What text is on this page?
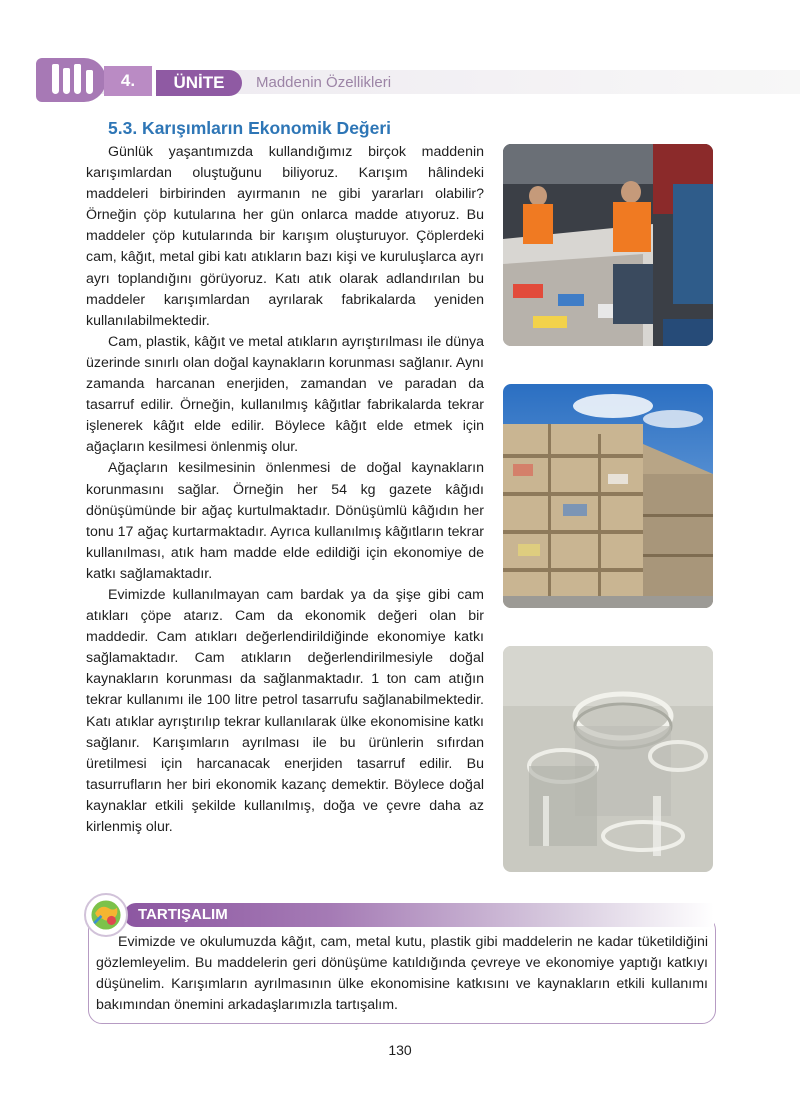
4.	ÜNİTE	Maddenin Özellikleri
5.3. Karışımların Ekonomik Değeri

Günlük yaşantımızda kullandığımız birçok maddenin karışımlardan oluştuğunu biliyoruz. Karışım hâlindeki maddeleri birbirinden ayırmanın ne gibi yararları olabilir? Örneğin çöp kutularına her gün onlarca madde atıyoruz. Bu maddeler çöp kutularında bir karışım oluşturuyor. Çöplerdeki cam, kâğıt, metal gibi katı atıkların bazı kişi ve kuruluşlarca ayrı ayrı toplandığını görüyoruz. Katı atık olarak adlandırılan bu maddeler karışımlardan ayrılarak fabrikalarda yeniden kullanılabilmektedir.

Cam, plastik, kâğıt ve metal atıkların ayrıştırılması ile dünya üzerinde sınırlı olan doğal kaynakların korunması sağlanır. Aynı zamanda harcanan enerjiden, zamandan ve paradan da tasarruf edilir. Örneğin, kullanılmış kâğıtlar fabrikalarda tekrar işlenerek kâğıt elde edilir. Böylece kâğıt elde etmek için ağaçların kesilmesi önlenmiş olur.

Ağaçların kesilmesinin önlenmesi de doğal kaynakların korunmasını sağlar. Örneğin her 54 kg gazete kâğıdı dönüşümünde bir ağaç kurtulmaktadır. Dönüşümlü kâğıdın her tonu 17 ağaç kurtarmaktadır. Ayrıca kullanılmış kâğıtların tekrar kullanılması, atık ham madde elde edildiği için ekonomiye de katkı sağlamaktadır.

Evimizde kullanılmayan cam bardak ya da şişe gibi cam atıkları çöpe atarız. Cam da ekonomik değeri olan bir maddedir. Cam atıkları değerlendirildiğinde ekonomiye katkı sağlamaktadır. Cam atıkların değerlendirilmesiyle doğal kaynakların korunması da sağlanmaktadır. 1 ton cam atığın tekrar kullanımı ile 100 litre petrol tasarrufu sağlanabilmektedir. Katı atıklar ayrıştırılıp tekrar kullanılarak ülke ekonomisine katkı sağlanır. Karışımların ayrılması ile bu ürünlerin sıfırdan üretilmesi için harcanacak enerjiden tasarruf edilir. Bu tasurrufların her biri ekonomik kazanç demektir. Böylece doğal kaynaklar etkili şekilde kullanılmış, doğa ve çevre daha az kirlenmiş olur.

TARTIŞALIM
Evimizde ve okulumuzda kâğıt, cam, metal kutu, plastik gibi maddelerin ne kadar tüketildiğini gözlemleyelim. Bu maddelerin geri dönüşüme katıldığında çevreye ve ekonomiye yaptığı katkıyı düşünelim. Karışımların ayrılmasının ülke ekonomisine katkısını ve kaynakların etkili kullanımı bakımından önemini arkadaşlarımızla tartışalım.
130
